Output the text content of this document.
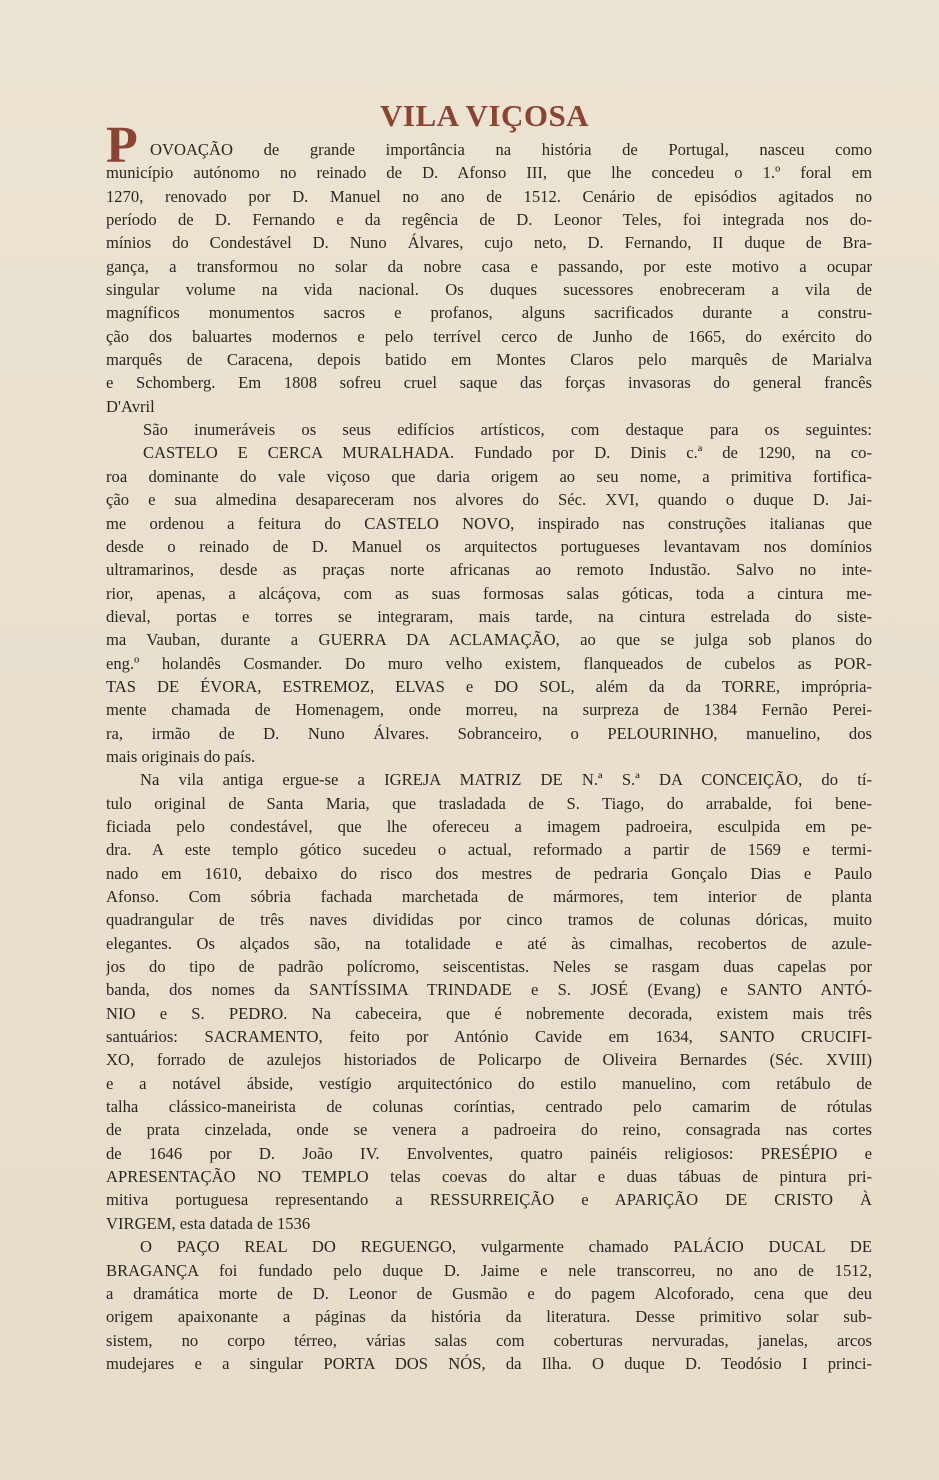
VILA VIÇOSA
P OVOAÇÃO de grande importância na história de Portugal, nasceu como
município autónomo no reinado de D. Afonso III, que lhe concedeu o 1.º foral em
1270, renovado por D. Manuel no ano de 1512. Cenário de episódios agitados no
período de D. Fernando e da regência de D. Leonor Teles, foi integrada nos do-
mínios do Condestável D. Nuno Álvares, cujo neto, D. Fernando, II duque de Bra-
gança, a transformou no solar da nobre casa e passando, por este motivo a ocupar
singular volume na vida nacional. Os duques sucessores enobreceram a vila de
magníficos monumentos sacros e profanos, alguns sacrificados durante a constru-
ção dos baluartes modernos e pelo terrível cerco de Junho de 1665, do exército do
marquês de Caracena, depois batido em Montes Claros pelo marquês de Marialva
e Schomberg. Em 1808 sofreu cruel saque das forças invasoras do general francês
D'Avril
São inumeráveis os seus edifícios artísticos, com destaque para os seguintes:
CASTELO E CERCA MURALHADA. Fundado por D. Dinis c.ª de 1290, na co-
roa dominante do vale viçoso que daria origem ao seu nome, a primitiva fortifica-
ção e sua almedina desapareceram nos alvores do Séc. XVI, quando o duque D. Jai-
me ordenou a feitura do CASTELO NOVO, inspirado nas construções italianas que
desde o reinado de D. Manuel os arquitectos portugueses levantavam nos domínios
ultramarinos, desde as praças norte africanas ao remoto Industão. Salvo no inte-
rior, apenas, a alcáçova, com as suas formosas salas góticas, toda a cintura me-
dieval, portas e torres se integraram, mais tarde, na cintura estrelada do siste-
ma Vauban, durante a GUERRA DA ACLAMAÇÃO, ao que se julga sob planos do
eng.º holandês Cosmander. Do muro velho existem, flanqueados de cubelos as POR-
TAS DE ÉVORA, ESTREMOZ, ELVAS e DO SOL, além da da TORRE, imprópria-
mente chamada de Homenagem, onde morreu, na surpreza de 1384 Fernão Perei-
ra, irmão de D. Nuno Álvares. Sobranceiro, o PELOURINHO, manuelino, dos
mais originais do país.
Na vila antiga ergue-se a IGREJA MATRIZ DE N.ª S.ª DA CONCEIÇÃO, do tí-
tulo original de Santa Maria, que trasladada de S. Tiago, do arrabalde, foi bene-
ficiada pelo condestável, que lhe ofereceu a imagem padroeira, esculpida em pe-
dra. A este templo gótico sucedeu o actual, reformado a partir de 1569 e termi-
nado em 1610, debaixo do risco dos mestres de pedraria Gonçalo Dias e Paulo
Afonso. Com sóbria fachada marchetada de mármores, tem interior de planta
quadrangular de três naves divididas por cinco tramos de colunas dóricas, muito
elegantes. Os alçados são, na totalidade e até às cimalhas, recobertos de azule-
jos do tipo de padrão polícromo, seiscentistas. Neles se rasgam duas capelas por
banda, dos nomes da SANTÍSSIMA TRINDADE e S. JOSÉ (Evang) e SANTO ANTÓ-
NIO e S. PEDRO. Na cabeceira, que é nobremente decorada, existem mais três
santuários: SACRAMENTO, feito por António Cavide em 1634, SANTO CRUCIFI-
XO, forrado de azulejos historiados de Policarpo de Oliveira Bernardes (Séc. XVIII)
e a notável ábside, vestígio arquitectónico do estilo manuelino, com retábulo de
talha clássico-maneirista de colunas coríntias, centrado pelo camarim de rótulas
de prata cinzelada, onde se venera a padroeira do reino, consagrada nas cortes
de 1646 por D. João IV. Envolventes, quatro painéis religiosos: PRESÉPIO e
APRESENTAÇÃO NO TEMPLO telas coevas do altar e duas tábuas de pintura pri-
mitiva portuguesa representando a RESSURREIÇÃO e APARIÇÃO DE CRISTO À
VIRGEM, esta datada de 1536
O PAÇO REAL DO REGUENGO, vulgarmente chamado PALÁCIO DUCAL DE
BRAGANÇA foi fundado pelo duque D. Jaime e nele transcorreu, no ano de 1512,
a dramática morte de D. Leonor de Gusmão e do pagem Alcoforado, cena que deu
origem apaixonante a páginas da história da literatura. Desse primitivo solar sub-
sistem, no corpo térreo, várias salas com coberturas nervuradas, janelas, arcos
mudejares e a singular PORTA DOS NÓS, da Ilha. O duque D. Teodósio I princi-
